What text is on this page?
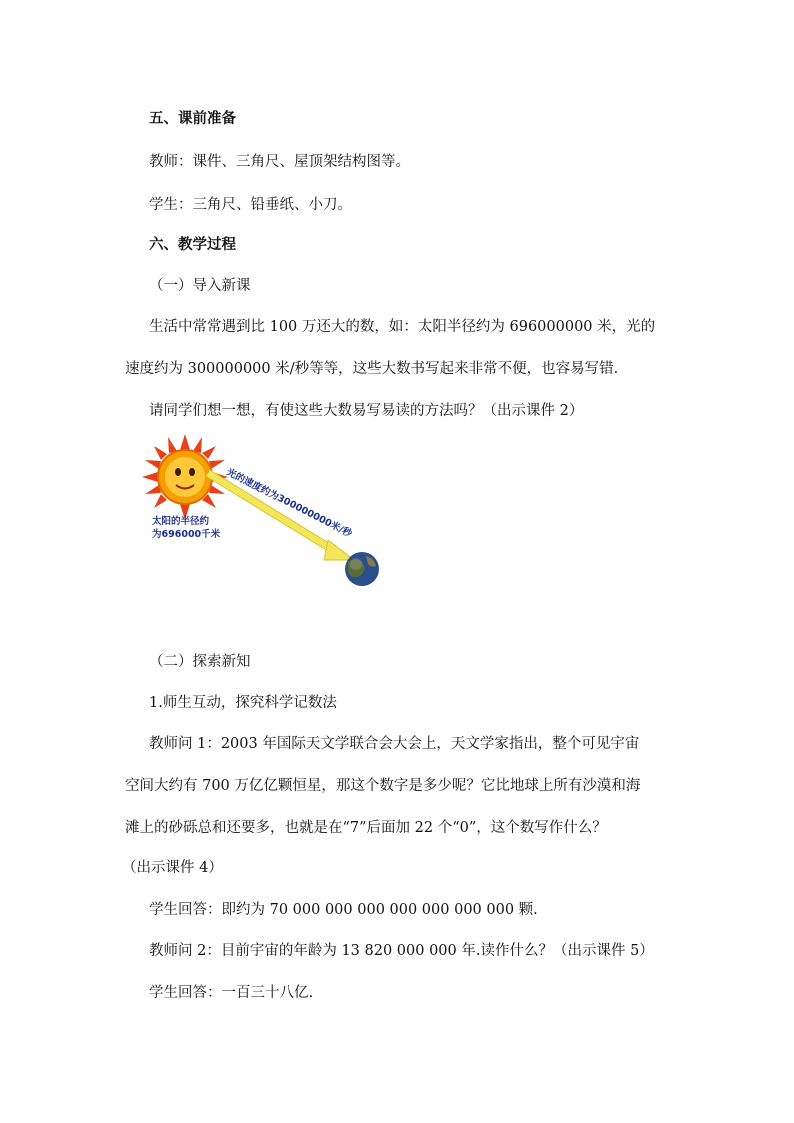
五、课前准备
教师：课件、三角尺、屋顶架结构图等。
学生：三角尺、铅垂纸、小刀。
六、教学过程
（一）导入新课
生活中常常遇到比 100 万还大的数，如：太阳半径约为 696000000 米，光的
速度约为 300000000 米/秒等等，这些大数书写起来非常不便，也容易写错.
请同学们想一想，有使这些大数易写易读的方法吗？（出示课件 2）
光的速度约为300000000米/秒
太阳的半径约
为696000千米
（二）探索新知
1.师生互动，探究科学记数法
教师问 1：2003 年国际天文学联合会大会上，天文学家指出，整个可见宇宙
空间大约有 700 万亿亿颗恒星，那这个数字是多少呢？它比地球上所有沙漠和海
滩上的砂砾总和还要多，也就是在“7”后面加 22 个“0”，这个数写作什么？
（出示课件 4）
学生回答：即约为 70 000 000 000 000 000 000 000 颗.
教师问 2：目前宇宙的年龄为 13 820 000 000 年.读作什么？（出示课件 5）
学生回答：一百三十八亿.
